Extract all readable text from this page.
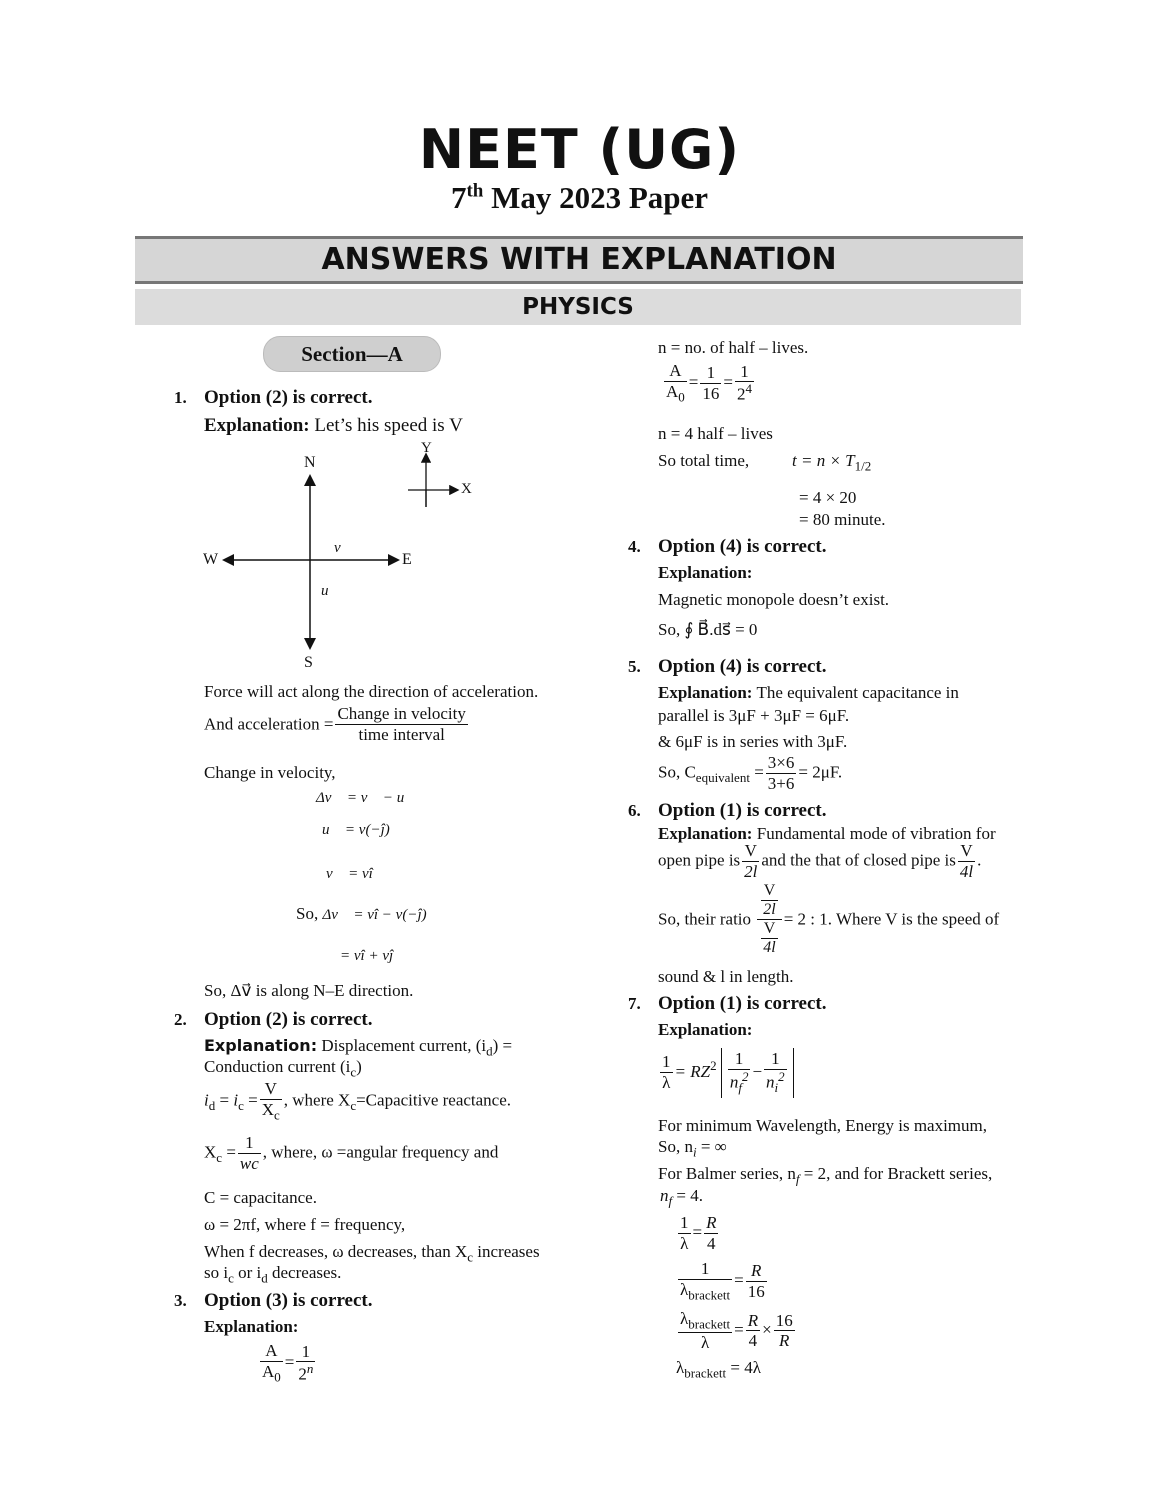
NEET (UG)
7th May 2023 Paper
ANSWERS WITH EXPLANATION
PHYSICS
Section—A
1. Option (2) is correct.
Explanation: Let’s his speed is V
N
S
W	E
Y
X
v⃗
u⃗
Force will act along the direction of acceleration.
And acceleration = $\frac{\text{Change in velocity}}{\text{time interval}}$
Change in velocity,
Δv⃗ = v⃗ − u⃗
u⃗ = v(−ĵ)
v⃗ = vî
So, Δv⃗ = vî − v(−ĵ)
= vî + vĵ
So, Δv⃗ is along N–E direction.
2. Option (2) is correct.
Explanation: Displacement current, $(i_d)$ =
Conduction current $(i_c)$
$i_d = i_c = \frac{V}{X_c}$ , where $X_c=Capacitive$ reactance.
$X_c = \frac{1}{wc}$ , where, ω =angular frequency and
C = capacitance.
ω = 2πf, where f = frequency,
When f decreases, ω decreases, than $X_c$ increases
so $i_c$ or $i_d$ decreases.
3. Option (3) is correct.
Explanation:
$\frac{A}{A_0} = \frac{1}{2^n}$
n = no. of half – lives.
$\frac{A}{A_0} = \frac{1}{16} = \frac{1}{2^4}$
n = 4 half – lives
So total time,	$t = n \times T_{1/2}$
= 4 × 20
= 80 minute.
4. Option (4) is correct.
Explanation:
Magnetic monopole doesn’t exist.
So, ∮ B⃗.ds⃗ = 0
5. Option (4) is correct.
Explanation: The equivalent capacitance in
parallel is 3μF + 3μF = 6μF.
& 6μF is in series with 3μF.
So, $C_{equivalent} = \frac{3\times 6}{3+6} = 2\mu F$.
6. Option (1) is correct.
Explanation: Fundamental mode of vibration for
open pipe is $\frac{V}{2l}$ and the that of closed pipe is $\frac{V}{4l}$ .
So, their ratio $\frac{\frac{V}{2l}}{\frac{V}{4l}} = 2$ : 1. Where V is the speed of
sound & l in length.
7. Option (1) is correct.
Explanation:
$\frac{1}{\lambda} = RZ^2 \frac{1}{n_f^2} - \frac{1}{n_i^2}$
For minimum Wavelength, Energy is maximum,
So, $n_i$ = ∞
For Balmer series, $n_f = 2$, and for Brackett series,
$n_f = 4$.
$\frac{1}{\lambda} = \frac{R}{4}$
$\frac{1}{\lambda_{brackett}} = \frac{R}{16}$
$\frac{\lambda_{brackett}}{\lambda} = \frac{R}{4} \times \frac{16}{R}$
$\lambda_{brackett} = 4\lambda$
